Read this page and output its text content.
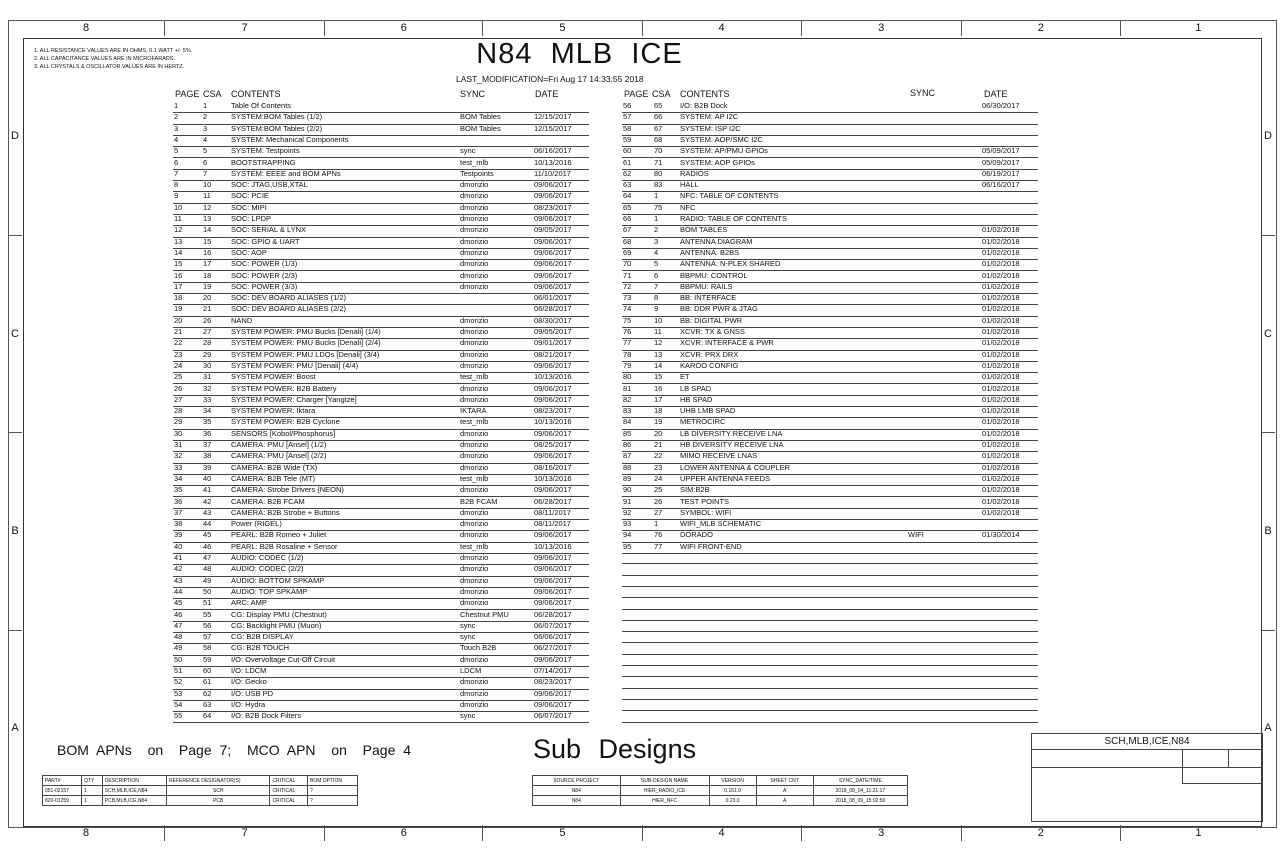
8	7	6	5	4	3	2	1
8	7	6	5	4	3	2	1
D
C
B
A
D
C
B
A
1. ALL RESISTANCE VALUES ARE IN OHMS, 0.1 WATT +/- 5%.
2. ALL CAPACITANCE VALUES ARE IN MICROFARADS.
3. ALL CRYSTALS & OSCILLATOR VALUES ARE IN HERTZ.	N84  MLB  ICE
LAST_MODIFICATION=Fri Aug 17 14:33:55 2018
PAGE CSA CONTENTS	SYNC	DATE	PAGE CSA CONTENTS	SYNC	DATE
1	1	Table Of Contents
2	2	SYSTEM:BOM Tables (1/2)	BOM Tables	12/15/2017
3	3	SYSTEM:BOM Tables (2/2)	BOM Tables	12/15/2017
4	4	SYSTEM: Mechanical Components
5	5	SYSTEM: Testpoints	sync	06/16/2017
6	6	BOOTSTRAPPING	test_mlb	10/13/2016
7	7	SYSTEM: EEEE and BOM APNs	Testpoints	11/10/2017
8	10	SOC: JTAG,USB,XTAL	dmorizio	09/06/2017
9	11	SOC: PCIE	dmorizio	09/06/2017
10	12	SOC: MIPI	dmorizio	08/23/2017
11	13	SOC: LPDP	dmorizio	09/06/2017
12	14	SOC: SERIAL & LYNX	dmorizio	09/05/2017
13	15	SOC: GPIO & UART	dmorizio	09/06/2017
14	16	SOC: AOP	dmorizio	09/06/2017
15	17	SOC: POWER (1/3)	dmorizio	09/06/2017
16	18	SOC: POWER (2/3)	dmorizio	09/06/2017
17	19	SOC: POWER (3/3)	dmorizio	09/06/2017
18	20	SOC: DEV BOARD ALIASES (1/2)	06/01/2017
19	21	SOC: DEV BOARD ALIASES (2/2)	06/28/2017
20	26	NAND	dmorizio	08/30/2017
21	27	SYSTEM POWER: PMU Bucks [Denali] (1/4)	dmorizio	09/05/2017
22	28	SYSTEM POWER: PMU Bucks [Denali] (2/4)	dmorizio	09/01/2017
23	29	SYSTEM POWER: PMU LDOs [Denali] (3/4)	dmorizio	08/21/2017
24	30	SYSTEM POWER: PMU [Denali] (4/4)	dmorizio	09/06/2017
25	31	SYSTEM POWER: Boost	test_mlb	10/13/2016
26	32	SYSTEM POWER: B2B Battery	dmorizio	09/06/2017
27	33	SYSTEM POWER: Charger [Yangtze]	dmorizio	09/06/2017
28	34	SYSTEM POWER: Iktara	IKTARA	08/23/2017
29	35	SYSTEM POWER: B2B Cyclone	test_mlb	10/13/2016
30	36	SENSORS [Kobol/Phosphorus]	dmorizio	09/06/2017
31	37	CAMERA: PMU [Ansel] (1/2)	dmorizio	08/25/2017
32	38	CAMERA: PMU [Ansel] (2/2)	dmorizio	09/06/2017
33	39	CAMERA: B2B Wide (TX)	dmorizio	08/16/2017
34	40	CAMERA: B2B Tele (MT)	test_mlb	10/13/2016
35	41	CAMERA: Strobe Drivers (NEON)	dmorizio	09/06/2017
36	42	CAMERA: B2B FCAM	B2B FCAM	06/28/2017
37	43	CAMERA: B2B Strobe + Buttons	dmorizio	08/11/2017
38	44	Power (RIGEL)	dmorizio	08/11/2017
39	45	PEARL: B2B Romeo + Juliet	dmorizio	09/06/2017
40	46	PEARL: B2B Rosaline + Sensor	test_mlb	10/13/2016
41	47	AUDIO: CODEC (1/2)	dmorizio	09/06/2017
42	48	AUDIO: CODEC (2/2)	dmorizio	09/06/2017
43	49	AUDIO: BOTTOM SPKAMP	dmorizio	09/06/2017
44	50	AUDIO: TOP SPKAMP	dmorizio	09/06/2017
45	51	ARC: AMP	dmorizio	09/06/2017
46	55	CG: Display PMU (Chestnut)	Chestnut PMU	06/28/2017
47	56	CG: Backlight PMU (Muon)	sync	06/07/2017
48	57	CG: B2B DISPLAY	sync	06/06/2017
49	58	CG: B2B TOUCH	Touch B2B	06/27/2017
50	59	I/O: Overvoltage Cut-Off Circuit	dmorizio	09/06/2017
51	60	I/O: LDCM	LDCM	07/14/2017
52	61	I/O: Gecko	dmorizio	08/23/2017
53	62	I/O: USB PD	dmorizio	09/06/2017
54	63	I/O: Hydra	dmorizio	09/06/2017
55	64	I/O: B2B Dock Filters	sync	06/07/2017
56	65 I/O: B2B Dock	06/30/2017
57	66 SYSTEM: AP I2C
58	67 SYSTEM: ISP I2C
59	68 SYSTEM: AOP/SMC I2C
60	70 SYSTEM: AP/PMU GPIOs	05/09/2017
61	71 SYSTEM: AOP GPIOs	05/09/2017
62	80 RADIOS	06/19/2017
63	83 HALL	06/16/2017
64	1	NFC: TABLE OF CONTENTS
65	75 NFC
66	1	RADIO: TABLE OF CONTENTS
67	2	BOM TABLES	01/02/2018
68	3	ANTENNA DIAGRAM	01/02/2018
69	4	ANTENNA: B2BS	01/02/2018
70	5	ANTENNA: N-PLEX SHARED	01/02/2018
71	6	BBPMU: CONTROL	01/02/2018
72	7	BBPMU: RAILS	01/02/2018
73	8	BB: INTERFACE	01/02/2018
74	9	BB: DDR PWR & JTAG	01/02/2018
75	10 BB: DIGITAL PWR	01/02/2018
76	11 XCVR: TX & GNSS	01/02/2018
77	12 XCVR: INTERFACE & PWR	01/02/2018
78	13 XCVR: PRX DRX	01/02/2018
79	14 KAROO CONFIG	01/02/2018
80	15 ET	01/02/2018
81	16 LB SPAD	01/02/2018
82	17 HB SPAD	01/02/2018
83	18 UHB LMB SPAD	01/02/2018
84	19 METROCIRC	01/02/2018
85	20 LB DIVERSITY RECEIVE LNA	01/02/2018
86	21 HB DIVERSITY RECEIVE LNA	01/02/2018
87	22 MIMO RECEIVE LNAS	01/02/2018
88	23 LOWER ANTENNA & COUPLER	01/02/2018
89	24 UPPER ANTENNA FEEDS	01/02/2018
90	25 SIM:B2B	01/02/2018
91	26 TEST POINTS	01/02/2018
92	27 SYMBOL: WIFI	01/02/2018
93	1	WIFI_MLB SCHEMATIC
94	76 DORADO	WIFI	01/30/2014
95	77 WIFI FRONT-END
BOM APNs  on  Page 7;  MCO APN  on  Page 4	Sub Designs
PART#	QTY	DESCRIPTION	REFERENCE DESIGNATOR(S)	CRITICAL	BOM OPTION
051-02157	1	SCH,MLB,ICE,N84	SCH	CRITICAL	?
820-01259	1	PCB,MLB,ICE,N84	PCB	CRITICAL	?
SOURCE PROJECT	SUB-DESIGN NAME	VERSION	SHEET CNT	SYNC_DATE/TIME
N84	HIER_RADIO_ICE	0.151.0	A	2018_08_04_11:21:17
N84	HIER_NFC	0.23.0	A	2018_08_09_15:02:50
SCH,MLB,ICE,N84
